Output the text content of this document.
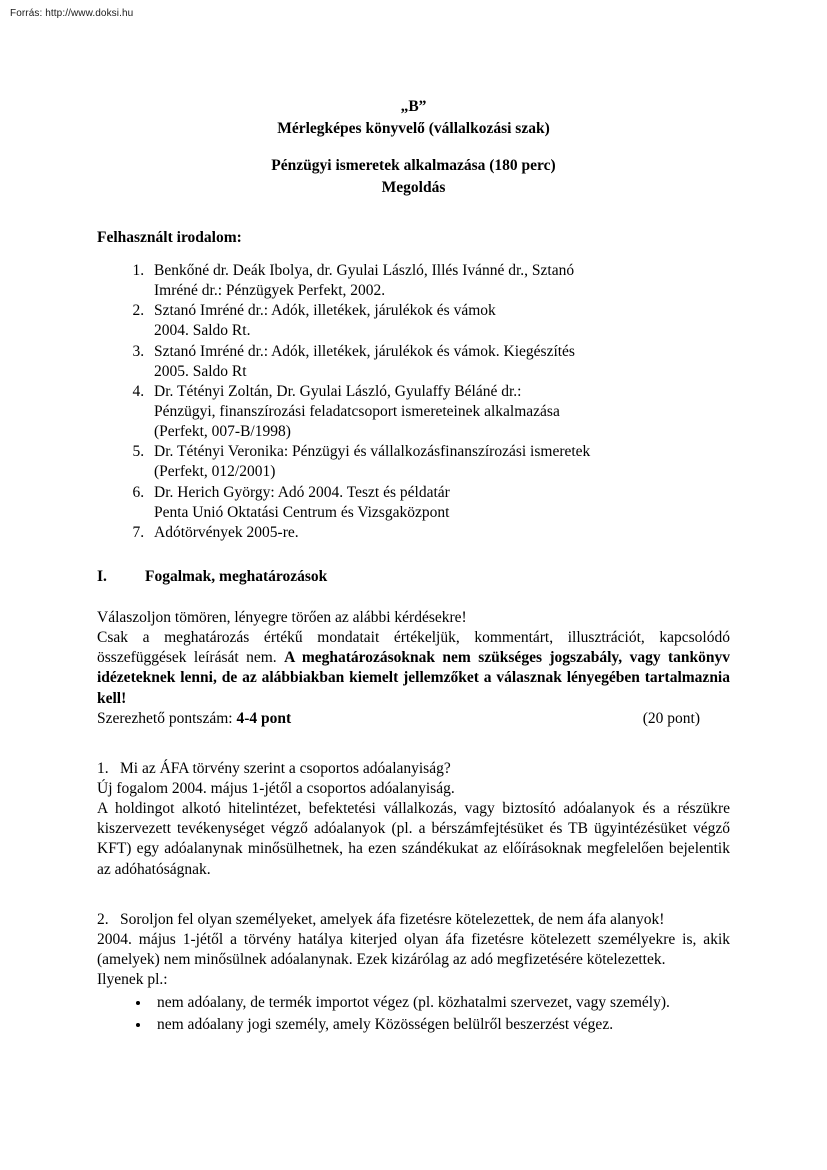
Forrás: http://www.doksi.hu
„B”
Mérlegképes könyvelő (vállalkozási szak)
Pénzügyi ismeretek alkalmazása (180 perc)
Megoldás
Felhasznált irodalom:
1. Benkőné dr. Deák Ibolya, dr. Gyulai László, Illés Ivánné dr., Sztanó
Imréné dr.: Pénzügyek Perfekt, 2002.
2. Sztanó Imréné dr.: Adók, illetékek, járulékok és vámok
2004. Saldo Rt.
3. Sztanó Imréné dr.: Adók, illetékek, járulékok és vámok. Kiegészítés
2005. Saldo Rt
4. Dr. Tétényi Zoltán, Dr. Gyulai László, Gyulaffy Béláné dr.:
Pénzügyi, finanszírozási feladatcsoport ismereteinek alkalmazása
(Perfekt, 007-B/1998)
5. Dr. Tétényi Veronika: Pénzügyi és vállalkozásfinanszírozási ismeretek
(Perfekt, 012/2001)
6. Dr. Herich György: Adó 2004. Teszt és példatár
Penta Unió Oktatási Centrum és Vizsgaközpont
7. Adótörvények 2005-re.
I.	Fogalmak, meghatározások

Válaszoljon tömören, lényegre törően az alábbi kérdésekre!

Csak a meghatározás értékű mondatait értékeljük, kommentárt, illusztrációt, kapcsolódó összefüggések leírását nem. A meghatározásoknak nem szükséges jogszabály, vagy tankönyv idézeteknek lenni, de az alábbiakban kiemelt jellemzőket a válasznak lényegében tartalmaznia kell!

Szerezhető pontszám: 4-4 pont	(20 pont)
1. Mi az ÁFA törvény szerint a csoportos adóalanyiság?

Új fogalom 2004. május 1-jétől a csoportos adóalanyiság.

A holdingot alkotó hitelintézet, befektetési vállalkozás, vagy biztosító adóalanyok és a részükre kiszervezett tevékenységet végző adóalanyok (pl. a bérszámfejtésüket és TB ügyintézésüket végző KFT) egy adóalanynak minősülhetnek, ha ezen szándékukat az előírásoknak megfelelően bejelentik az adóhatóságnak.

2. Soroljon fel olyan személyeket, amelyek áfa fizetésre kötelezettek, de nem áfa alanyok!

2004. május 1-jétől a törvény hatálya kiterjed olyan áfa fizetésre kötelezett személyekre is, akik (amelyek) nem minősülnek adóalanynak. Ezek kizárólag az adó megfizetésére kötelezettek.

Ilyenek pl.:

• nem adóalany, de termék importot végez (pl. közhatalmi szervezet, vagy személy).
• nem adóalany jogi személy, amely Közösségen belülről beszerzést végez.
